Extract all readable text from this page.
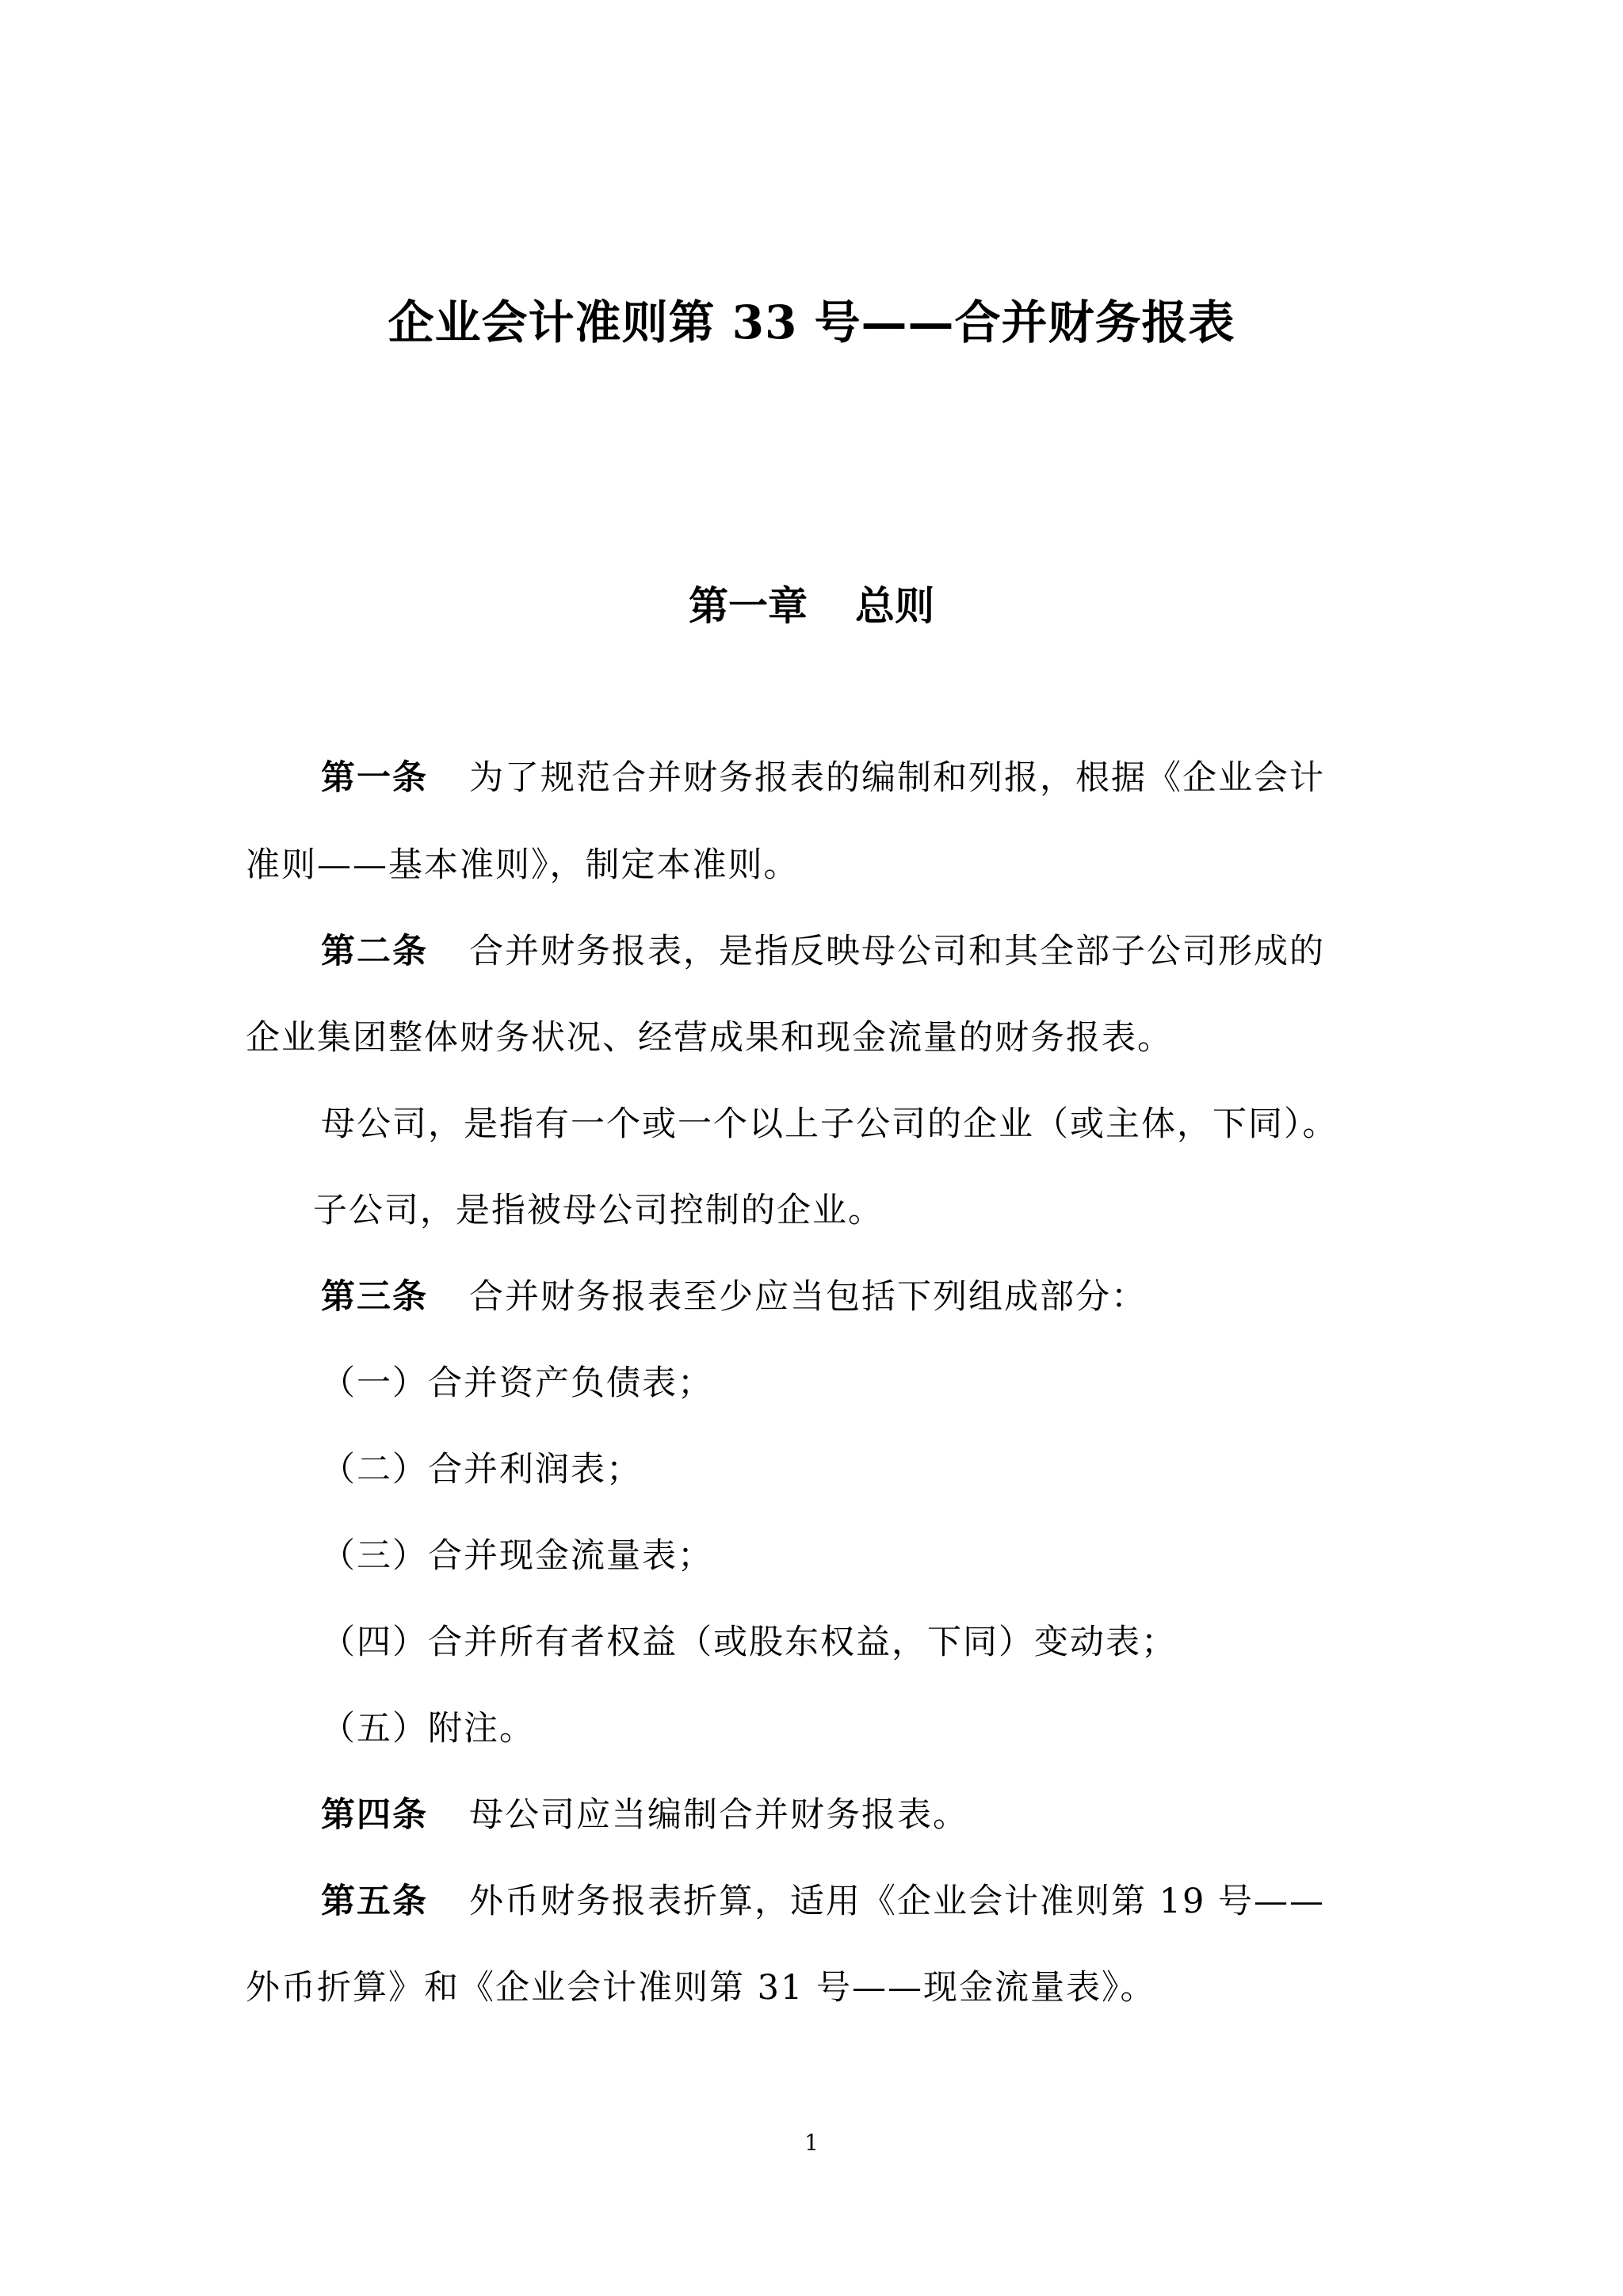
企业会计准则第 33 号——合并财务报表
第一章 总则
第一条 为了规范合并财务报表的编制和列报，根据《企业会计
准则——基本准则》，制定本准则。
第二条 合并财务报表，是指反映母公司和其全部子公司形成的
企业集团整体财务状况、经营成果和现金流量的财务报表。
母公司，是指有一个或一个以上子公司的企业（或主体，下同）。
子公司，是指被母公司控制的企业。
第三条 合并财务报表至少应当包括下列组成部分：
（一）合并资产负债表；
（二）合并利润表；
（三）合并现金流量表；
（四）合并所有者权益（或股东权益，下同）变动表；
（五）附注。
第四条 母公司应当编制合并财务报表。
第五条 外币财务报表折算，适用《企业会计准则第 19 号——
外币折算》和《企业会计准则第 31 号——现金流量表》。
1
